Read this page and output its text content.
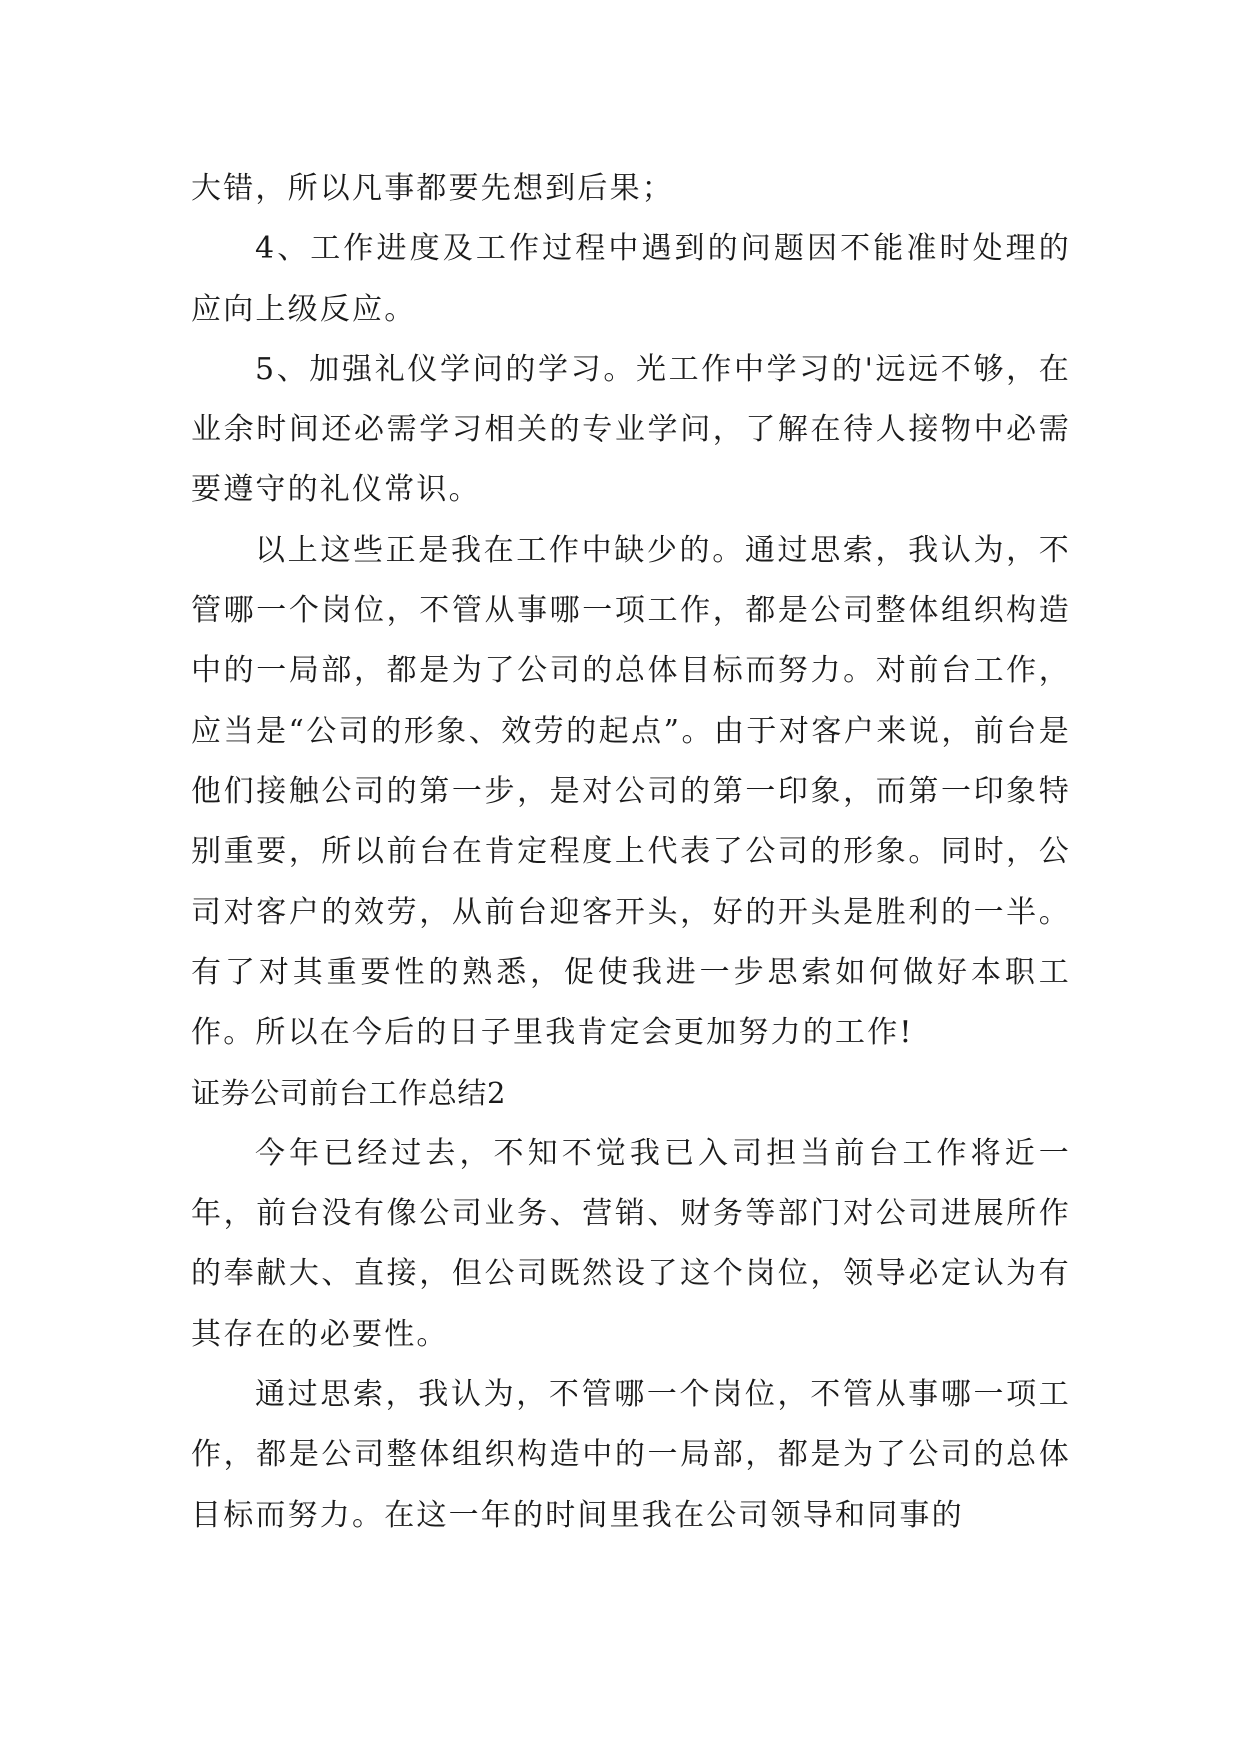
大错，所以凡事都要先想到后果；

4、工作进度及工作过程中遇到的问题因不能准时处理的应向上级反应。

5、加强礼仪学问的学习。光工作中学习的'远远不够，在业余时间还必需学习相关的专业学问，了解在待人接物中必需要遵守的礼仪常识。

以上这些正是我在工作中缺少的。通过思索，我认为，不管哪一个岗位，不管从事哪一项工作，都是公司整体组织构造中的一局部，都是为了公司的总体目标而努力。对前台工作，应当是“公司的形象、效劳的起点”。由于对客户来说，前台是他们接触公司的第一步，是对公司的第一印象，而第一印象特别重要，所以前台在肯定程度上代表了公司的形象。同时，公司对客户的效劳，从前台迎客开头，好的开头是胜利的一半。有了对其重要性的熟悉，促使我进一步思索如何做好本职工作。所以在今后的日子里我肯定会更加努力的工作!

证券公司前台工作总结2

今年已经过去，不知不觉我已入司担当前台工作将近一年，前台没有像公司业务、营销、财务等部门对公司进展所作的奉献大、直接，但公司既然设了这个岗位，领导必定认为有其存在的必要性。

通过思索，我认为，不管哪一个岗位，不管从事哪一项工作，都是公司整体组织构造中的一局部，都是为了公司的总体目标而努力。在这一年的时间里我在公司领导和同事的
